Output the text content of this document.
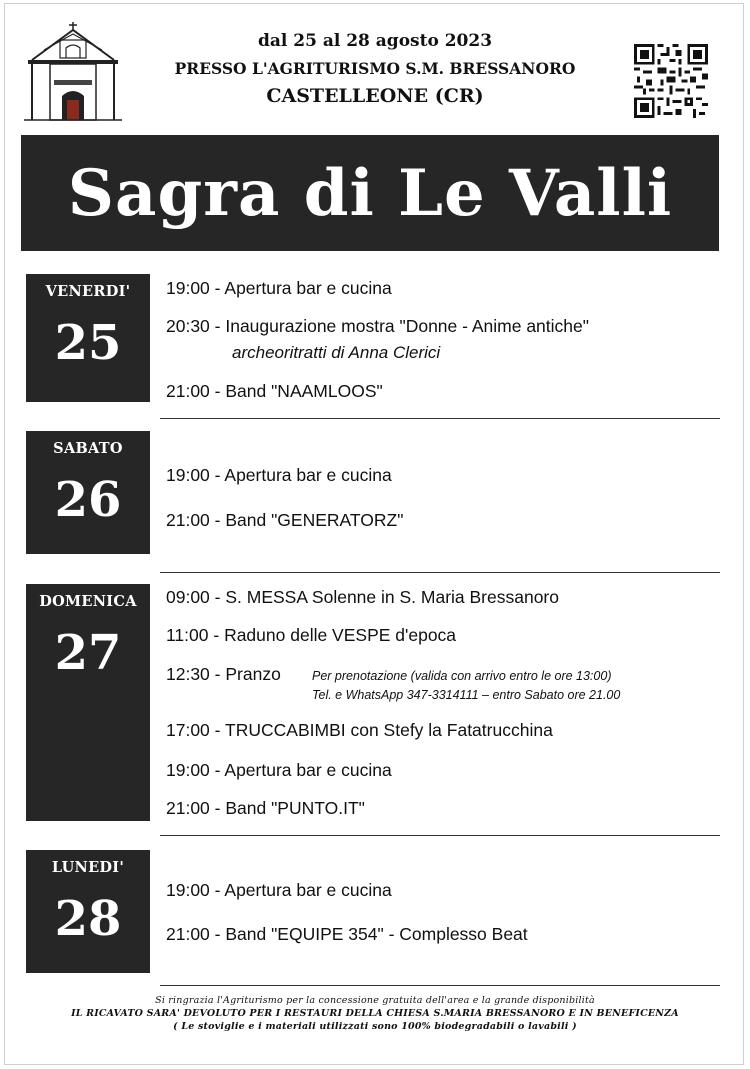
dal 25 al 28 agosto 2023
PRESSO L'AGRITURISMO S.M. BRESSANORO
CASTELLEONE (CR)
Sagra di Le Valli
VENERDI'
25
19:00 - Apertura bar e cucina
20:30 - Inaugurazione mostra "Donne - Anime antiche"
archeoritratti di Anna Clerici
21:00 - Band "NAAMLOOS"
SABATO
26	19:00 - Apertura bar e cucina
21:00 - Band "GENERATORZ"
DOMENICA
27
09:00 - S. MESSA Solenne in S. Maria Bressanoro
11:00 - Raduno delle VESPE d'epoca
12:30 - Pranzo Per prenotazione (valida con arrivo entro le ore 13:00)
Tel. e WhatsApp 347-3314111 – entro Sabato ore 21.00
17:00 - TRUCCABIMBI con Stefy la Fatatrucchina
19:00 - Apertura bar e cucina
21:00 - Band "PUNTO.IT"
LUNEDI'
28
19:00 - Apertura bar e cucina
21:00 - Band "EQUIPE 354" - Complesso Beat
Si ringrazia l'Agriturismo per la concessione gratuita dell'area e la grande disponibilità
IL RICAVATO SARA' DEVOLUTO PER I RESTAURI DELLA CHIESA S.MARIA BRESSANORO E IN BENEFICENZA
( Le stoviglie e i materiali utilizzati sono 100% biodegradabili o lavabili )
